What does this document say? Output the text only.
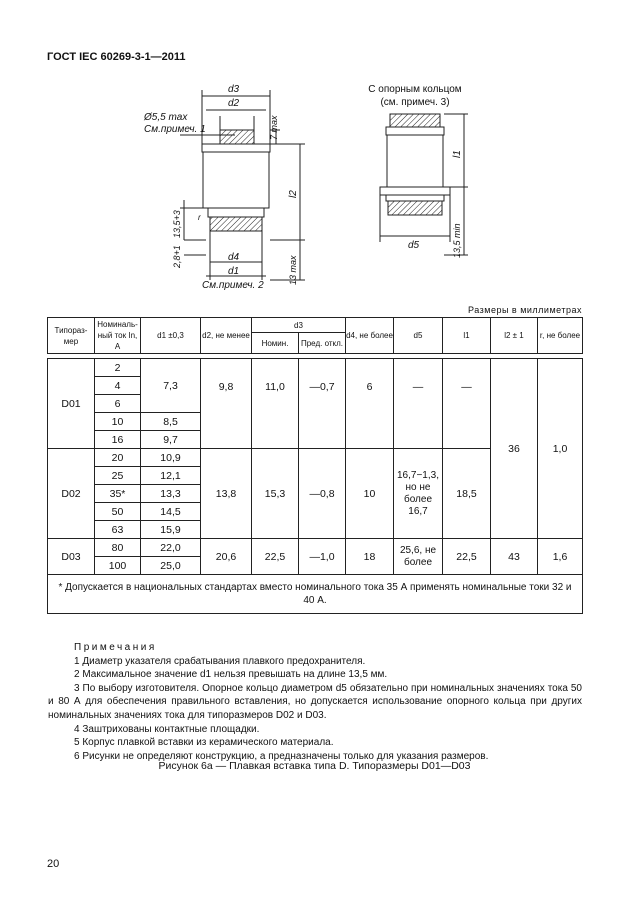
ГОСТ IEC 60269-3-1—2011
d3
d2
Ø5,5 max
См.примеч. 1
d4
d1
См.примеч. 2
r
7 max
l2
13 max
13,5+3
2,8+1
С опорным кольцом
(см. примеч. 3)
l1
d5	13,5 min
Размеры в миллиметрах
Типораз-мер	Номиналь-ный ток In, А	d1 ±0,3	d2, не менее	d3		d4, не более	d5	l1	l2 ± 1	r, не более
				Номин.	Пред. откл.					

D01	2	7,3	9,8	11,0	—0,7	6	—	—	36	1,0
	4									
	6									
	10	8,5								
	16	9,7								
D02	20	10,9	13,8	15,3	—0,8	10	16,7−1,3, но не более 16,7	18,5		
	25	12,1								
	35*	13,3								
	50	14,5								
	63	15,9								
D03	80	22,0	20,6	22,5	—1,0	18	25,6, не более	22,5	43	1,6
	100	25,0								
* Допускается в национальных стандартах вместо номинального тока 35 А применять номинальные токи 32 и 40 А.										
Примечания
1 Диаметр указателя срабатывания плавкого предохранителя.
2 Максимальное значение d1 нельзя превышать на длине 13,5 мм.
3 По выбору изготовителя. Опорное кольцо диаметром d5 обязательно при номинальных значениях тока 50 и 80 А для обеспечения правильного вставления, но допускается использование опорного кольца при других номинальных значениях тока для типоразмеров D02 и D03.
4 Заштрихованы контактные площадки.
5 Корпус плавкой вставки из керамического материала.
6 Рисунки не определяют конструкцию, а предназначены только для указания размеров.
Рисунок 6а — Плавкая вставка типа D. Типоразмеры D01—D03
20
